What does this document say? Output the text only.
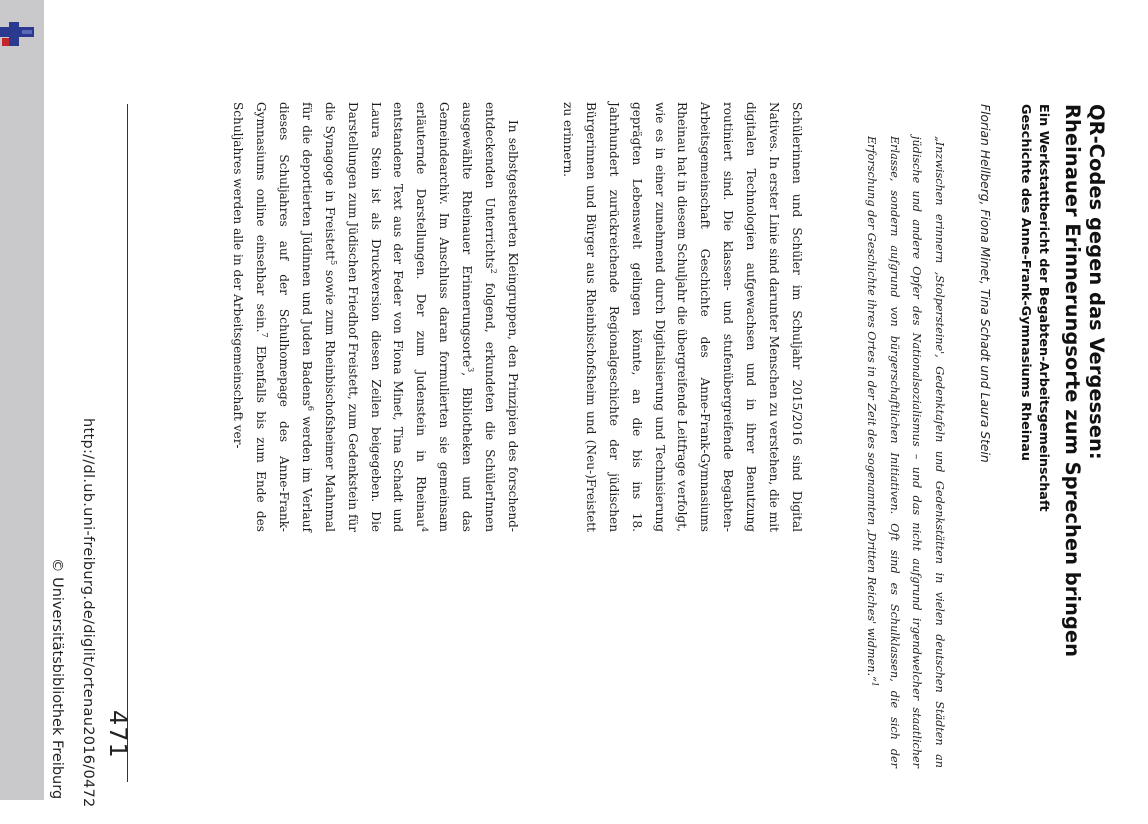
http://dl.ub.uni-freiburg.de/diglit/ortenau2016/0472
© Universitätsbibliothek Freiburg 471
QR-Codes gegen das Vergessen:
Rheinauer Erinnerungsorte zum Sprechen bringen
Ein Werkstattbericht der Begabten-Arbeitsgemeinschaft
Geschichte des Anne-Frank-Gymnasiums Rheinau
Florian Hellberg, Fiona Minet, Tina Schadt und Laura Stein
„Inzwischen erinnern ‚Stolpersteine', Gedenktafeln und Gedenkstätten in vielen deutschen Städten an jüdische und andere Opfer des Nationalsozialismus – und das nicht aufgrund irgendwelcher staatlicher Erlasse, sondern aufgrund von bürgerschaftlichen Initiativen. Oft sind es Schulklassen, die sich der Erforschung der Geschichte ihres Ortes in der Zeit des sogenannten ‚Dritten Reiches' widmen.“$^1$

Schülerinnen und Schüler im Schuljahr 2015/2016 sind Digital Natives. In erster Linie sind darunter Menschen zu verstehen, die mit digitalen Technologien aufgewachsen und in ihrer Benutzung routiniert sind. Die klassen- und stufenübergreifende Begabten-Arbeitsgemeinschaft Geschichte des Anne-Frank-Gymnasiums Rheinau hat in diesem Schuljahr die übergreifende Leitfrage verfolgt, wie es in einer zunehmend durch Digitalisierung und Technisierung geprägten Lebenswelt gelingen könnte, an die bis ins 18. Jahrhundert zurückreichende Regionalgeschichte der jüdischen Bürgerinnen und Bürger aus Rheinbischofsheim und (Neu-)Freistett zu erinnern.

In selbstgesteuerten Kleingruppen, den Prinzipien des forschend-entdeckenden Unterrichts$^2$ folgend, erkundeten die SchülerInnen ausgewählte Rheinauer Erinnerungsorte$^3$, Bibliotheken und das Gemeindearchiv. Im Anschluss daran formulierten sie gemeinsam erläuternde Darstellungen. Der zum Judenstein in Rheinau$^4$ entstandene Text aus der Feder von Fiona Minet, Tina Schadt und Laura Stein ist als Druckversion diesen Zeilen beigegeben. Die Darstellungen zum Jüdischen Friedhof Freistett, zum Gedenkstein für die Synagoge in Freistett$^5$ sowie zum Rheinbischofsheimer Mahnmal für die deportierten Jüdinnen und Juden Badens$^6$ werden im Verlauf dieses Schuljahres auf der Schulhomepage des Anne-Frank-Gymnasiums online einsehbar sein.$^7$ Ebenfalls bis zum Ende des Schuljahres werden alle in der Arbeitsgemeinschaft ver-
